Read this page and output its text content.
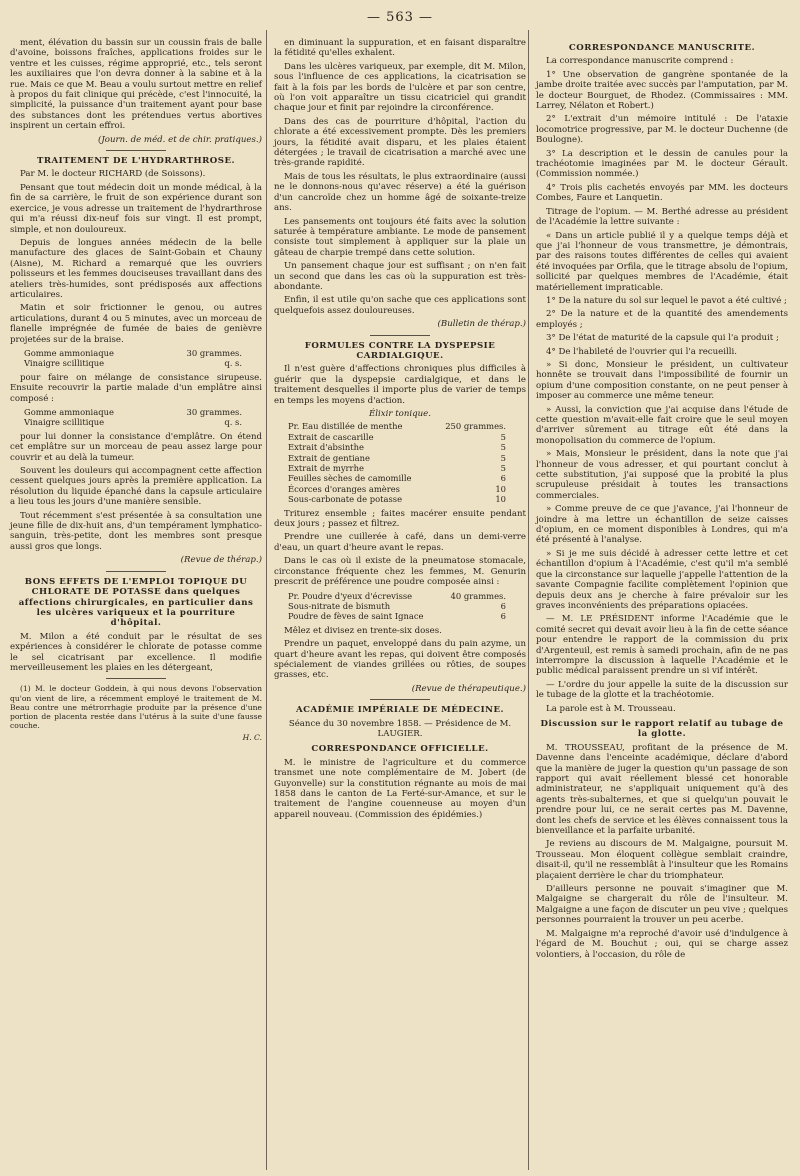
— 563 —

ment, élévation du bassin sur un coussin frais de balle d'avoine, boissons fraîches, applications froides sur le ventre et les cuisses, régime approprié, etc., tels seront les auxiliaires que l'on devra donner à la sabine et à la rue. Mais ce que M. Beau a voulu surtout mettre en relief à propos du fait clinique qui précède, c'est l'innocuité, la simplicité, la puissance d'un traitement ayant pour base des substances dont les prétendues vertus abortives inspirent un certain effroi.

(Journ. de méd. et de chir. pratiques.)
TRAITEMENT DE L'HYDRARTHROSE.

Par M. le docteur RICHARD (de Soissons).

Pensant que tout médecin doit un monde médical, à la fin de sa carrière, le fruit de son expérience durant son exercice, je vous adresse un traitement de l'hydrarthrose qui m'a réussi dix-neuf fois sur vingt. Il est prompt, simple, et non douloureux.

Depuis de longues années médecin de la belle manufacture des glaces de Saint-Gobain et Chauny (Aisne), M. Richard a remarqué que les ouvriers polisseurs et les femmes douciseuses travaillant dans des ateliers très-humides, sont prédisposés aux affections articulaires.

Matin et soir frictionner le genou, ou autres articulations, durant 4 ou 5 minutes, avec un morceau de flanelle imprégnée de fumée de baies de genièvre projetées sur de la braise.

Gomme ammoniaque	30 grammes.
Vinaigre scillitique	q. s.

pour faire on mélange de consistance sirupeuse. Ensuite recouvrir la partie malade d'un emplâtre ainsi composé :

Gomme ammoniaque	30 grammes.
Vinaigre scillitique	q. s.

pour lui donner la consistance d'emplâtre. On étend cet emplâtre sur un morceau de peau assez large pour couvrir et au delà la tumeur.

Souvent les douleurs qui accompagnent cette affection cessent quelques jours après la première application. La résolution du liquide épanché dans la capsule articulaire a lieu tous les jours d'une manière sensible.

Tout récemment s'est présentée à sa consultation une jeune fille de dix-huit ans, d'un tempérament lymphatico-sanguin, très-petite, dont les membres sont presque aussi gros que longs.

(Revue de thérap.)
BONS EFFETS DE L'EMPLOI TOPIQUE DU CHLORATE DE POTASSE dans quelques affections chirurgicales, en particulier dans les ulcères variqueux et la pourriture d'hôpital.

M. Milon a été conduit par le résultat de ses expériences à considérer le chlorate de potasse comme le sel cicatrisant par excellence. Il modifie merveilleusement les plaies en les détergeant,

(1) M. le docteur Goddein, à qui nous devons l'observation qu'on vient de lire, a récemment employé le traitement de M. Beau contre une métrorrhagie produite par la présence d'une portion de placenta restée dans l'utérus à la suite d'une fausse couche.

H. C.

en diminuant la suppuration, et en faisant disparaître la fétidité qu'elles exhalent.

Dans les ulcères variqueux, par exemple, dit M. Milon, sous l'influence de ces applications, la cicatrisation se fait à la fois par les bords de l'ulcère et par son centre, où l'on voit apparaître un tissu cicatriciel qui grandit chaque jour et finit par rejoindre la circonférence.

Dans des cas de pourriture d'hôpital, l'action du chlorate a été excessivement prompte. Dès les premiers jours, la fétidité avait disparu, et les plaies étaient détergées ; le travail de cicatrisation a marché avec une très-grande rapidité.

Mais de tous les résultats, le plus extraordinaire (aussi ne le donnons-nous qu'avec réserve) a été la guérison d'un cancroïde chez un homme âgé de soixante-treize ans.

Les pansements ont toujours été faits avec la solution saturée à température ambiante. Le mode de pansement consiste tout simplement à appliquer sur la plaie un gâteau de charpie trempé dans cette solution.

Un pansement chaque jour est suffisant ; on n'en fait un second que dans les cas où la suppuration est très-abondante.

Enfin, il est utile qu'on sache que ces applications sont quelquefois assez douloureuses.

(Bulletin de thérap.)
FORMULES CONTRE LA DYSPEPSIE CARDIALGIQUE.

Il n'est guère d'affections chroniques plus difficiles à guérir que la dyspepsie cardialgique, et dans le traitement desquelles il importe plus de varier de temps en temps les moyens d'action.

Élixir tonique.
Pr. Eau distillée de menthe	250 grammes.
Extrait de cascarille	5
Extrait d'absinthe	5
Extrait de gentiane	5
Extrait de myrrhe	5
Feuilles sèches de camomille	6
Écorces d'oranges amères	10
Sous-carbonate de potasse	10

Triturez ensemble ; faites macérer ensuite pendant deux jours ; passez et filtrez.

Prendre une cuillerée à café, dans un demi-verre d'eau, un quart d'heure avant le repas.

Dans le cas où il existe de la pneumatose stomacale, circonstance fréquente chez les femmes, M. Genurin prescrit de préférence une poudre composée ainsi :

Pr. Poudre d'yeux d'écrevisse	40 grammes.
Sous-nitrate de bismuth	6
Poudre de fèves de saint Ignace	6

Mêlez et divisez en trente-six doses.

Prendre un paquet, enveloppé dans du pain azyme, un quart d'heure avant les repas, qui doivent être composés spécialement de viandes grillées ou rôties, de soupes grasses, etc.

(Revue de thérapeutique.)
ACADÉMIE IMPÉRIALE DE MÉDECINE.
Séance du 30 novembre 1858. — Présidence de M. LAUGIER.
CORRESPONDANCE OFFICIELLE.

M. le ministre de l'agriculture et du commerce transmet une note complémentaire de M. Jobert (de Guyonvelle) sur la constitution régnante au mois de mai 1858 dans le canton de La Ferté-sur-Amance, et sur le traitement de l'angine couenneuse au moyen d'un appareil nouveau. (Commission des épidémies.)

CORRESPONDANCE MANUSCRITE.

La correspondance manuscrite comprend :

1° Une observation de gangrène spontanée de la jambe droite traitée avec succès par l'amputation, par M. le docteur Bourguet, de Rhodez. (Commissaires : MM. Larrey, Nélaton et Robert.)

2° L'extrait d'un mémoire intitulé : De l'ataxie locomotrice progressive, par M. le docteur Duchenne (de Boulogne).

3° La description et le dessin de canules pour la trachéotomie imaginées par M. le docteur Gérault. (Commission nommée.)

4° Trois plis cachetés envoyés par MM. les docteurs Combes, Faure et Lanquetin.

Titrage de l'opium. — M. Berthé adresse au président de l'Académie la lettre suivante :

« Dans un article publié il y a quelque temps déjà et que j'ai l'honneur de vous transmettre, je démontrais, par des raisons toutes différentes de celles qui avaient été invoquées par Orfila, que le titrage absolu de l'opium, sollicité par quelques membres de l'Académie, était matériellement impraticable.

1° De la nature du sol sur lequel le pavot a été cultivé ;

2° De la nature et de la quantité des amendements employés ;

3° De l'état de maturité de la capsule qui l'a produit ;

4° De l'habileté de l'ouvrier qui l'a recueilli.

» Si donc, Monsieur le président, un cultivateur honnête se trouvait dans l'impossibilité de fournir un opium d'une composition constante, on ne peut penser à imposer au commerce une même teneur.

» Aussi, la conviction que j'ai acquise dans l'étude de cette question m'avait-elle fait croire que le seul moyen d'arriver sûrement au titrage eût été dans la monopolisation du commerce de l'opium.

» Mais, Monsieur le président, dans la note que j'ai l'honneur de vous adresser, et qui pourtant conclut à cette substitution, j'ai supposé que la probité la plus scrupuleuse présidait à toutes les transactions commerciales.

» Comme preuve de ce que j'avance, j'ai l'honneur de joindre à ma lettre un échantillon de seize caisses d'opium, en ce moment disponibles à Londres, qui m'a été présenté à l'analyse.

» Si je me suis décidé à adresser cette lettre et cet échantillon d'opium à l'Académie, c'est qu'il m'a semblé que la circonstance sur laquelle j'appelle l'attention de la savante Compagnie facilite complètement l'opinion que depuis deux ans je cherche à faire prévaloir sur les graves inconvénients des préparations opiacées.

— M. LE PRÉSIDENT informe l'Académie que le comité secret qui devait avoir lieu à la fin de cette séance pour entendre le rapport de la commission du prix d'Argenteuil, est remis à samedi prochain, afin de ne pas interrompre la discussion à laquelle l'Académie et le public médical paraissent prendre un si vif intérêt.

— L'ordre du jour appelle la suite de la discussion sur le tubage de la glotte et la trachéotomie.

La parole est à M. Trousseau.

Discussion sur le rapport relatif au tubage de la glotte.

M. TROUSSEAU, profitant de la présence de M. Davenne dans l'enceinte académique, déclare d'abord que la manière de juger la question qu'un passage de son rapport qui avait réellement blessé cet honorable administrateur, ne s'appliquait uniquement qu'à des agents très-subalternes, et que si quelqu'un pouvait le prendre pour lui, ce ne serait certes pas M. Davenne, dont les chefs de service et les élèves connaissent tous la bienveillance et la parfaite urbanité.

Je reviens au discours de M. Malgaigne, poursuit M. Trousseau. Mon éloquent collègue semblait craindre, disait-il, qu'il ne ressemblât à l'insulteur que les Romains plaçaient derrière le char du triomphateur.

D'ailleurs personne ne pouvait s'imaginer que M. Malgaigne se chargerait du rôle de l'insulteur. M. Malgaigne a une façon de discuter un peu vive ; quelques personnes pourraient la trouver un peu acerbe.

M. Malgaigne m'a reproché d'avoir usé d'indulgence à l'égard de M. Bouchut ; oui, qui se charge assez volontiers, à l'occasion, du rôle de
